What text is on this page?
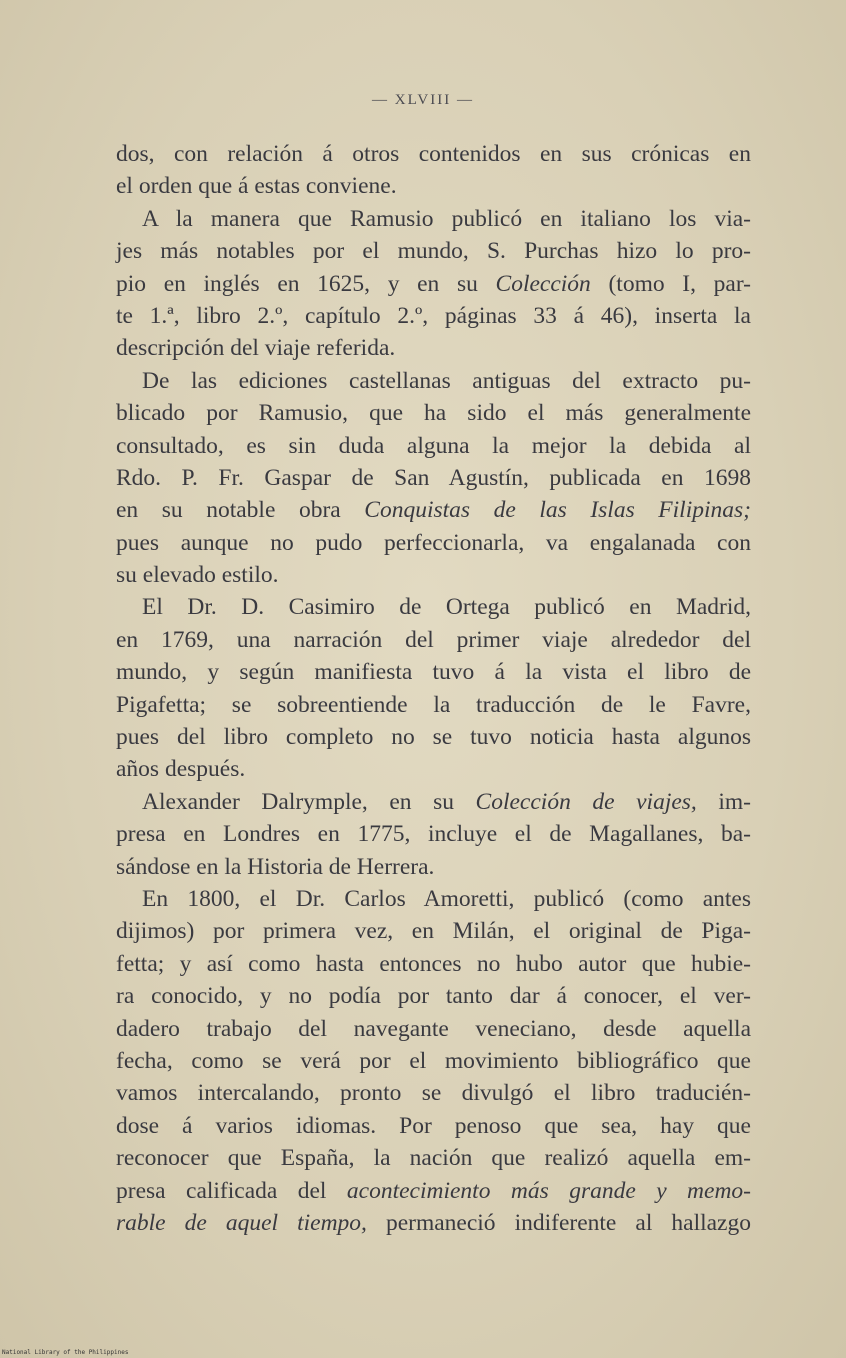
— XLVIII —
dos, con relación á otros contenidos en sus crónicas en
el orden que á estas conviene.
A la manera que Ramusio publicó en italiano los via-
jes más notables por el mundo, S. Purchas hizo lo pro-
pio en inglés en 1625, y en su Colección (tomo I, par-
te 1.ª, libro 2.º, capítulo 2.º, páginas 33 á 46), inserta la
descripción del viaje referida.
De las ediciones castellanas antiguas del extracto pu-
blicado por Ramusio, que ha sido el más generalmente
consultado, es sin duda alguna la mejor la debida al
Rdo. P. Fr. Gaspar de San Agustín, publicada en 1698
en su notable obra Conquistas de las Islas Filipinas;
pues aunque no pudo perfeccionarla, va engalanada con
su elevado estilo.
El Dr. D. Casimiro de Ortega publicó en Madrid,
en 1769, una narración del primer viaje alrededor del
mundo, y según manifiesta tuvo á la vista el libro de
Pigafetta; se sobreentiende la traducción de le Favre,
pues del libro completo no se tuvo noticia hasta algunos
años después.
Alexander Dalrymple, en su Colección de viajes, im-
presa en Londres en 1775, incluye el de Magallanes, ba-
sándose en la Historia de Herrera.
En 1800, el Dr. Carlos Amoretti, publicó (como antes
dijimos) por primera vez, en Milán, el original de Piga-
fetta; y así como hasta entonces no hubo autor que hubie-
ra conocido, y no podía por tanto dar á conocer, el ver-
dadero trabajo del navegante veneciano, desde aquella
fecha, como se verá por el movimiento bibliográfico que
vamos intercalando, pronto se divulgó el libro traducién-
dose á varios idiomas. Por penoso que sea, hay que
reconocer que España, la nación que realizó aquella em-
presa calificada del acontecimiento más grande y memo-
rable de aquel tiempo, permaneció indiferente al hallazgo
National Library of the Philippines
